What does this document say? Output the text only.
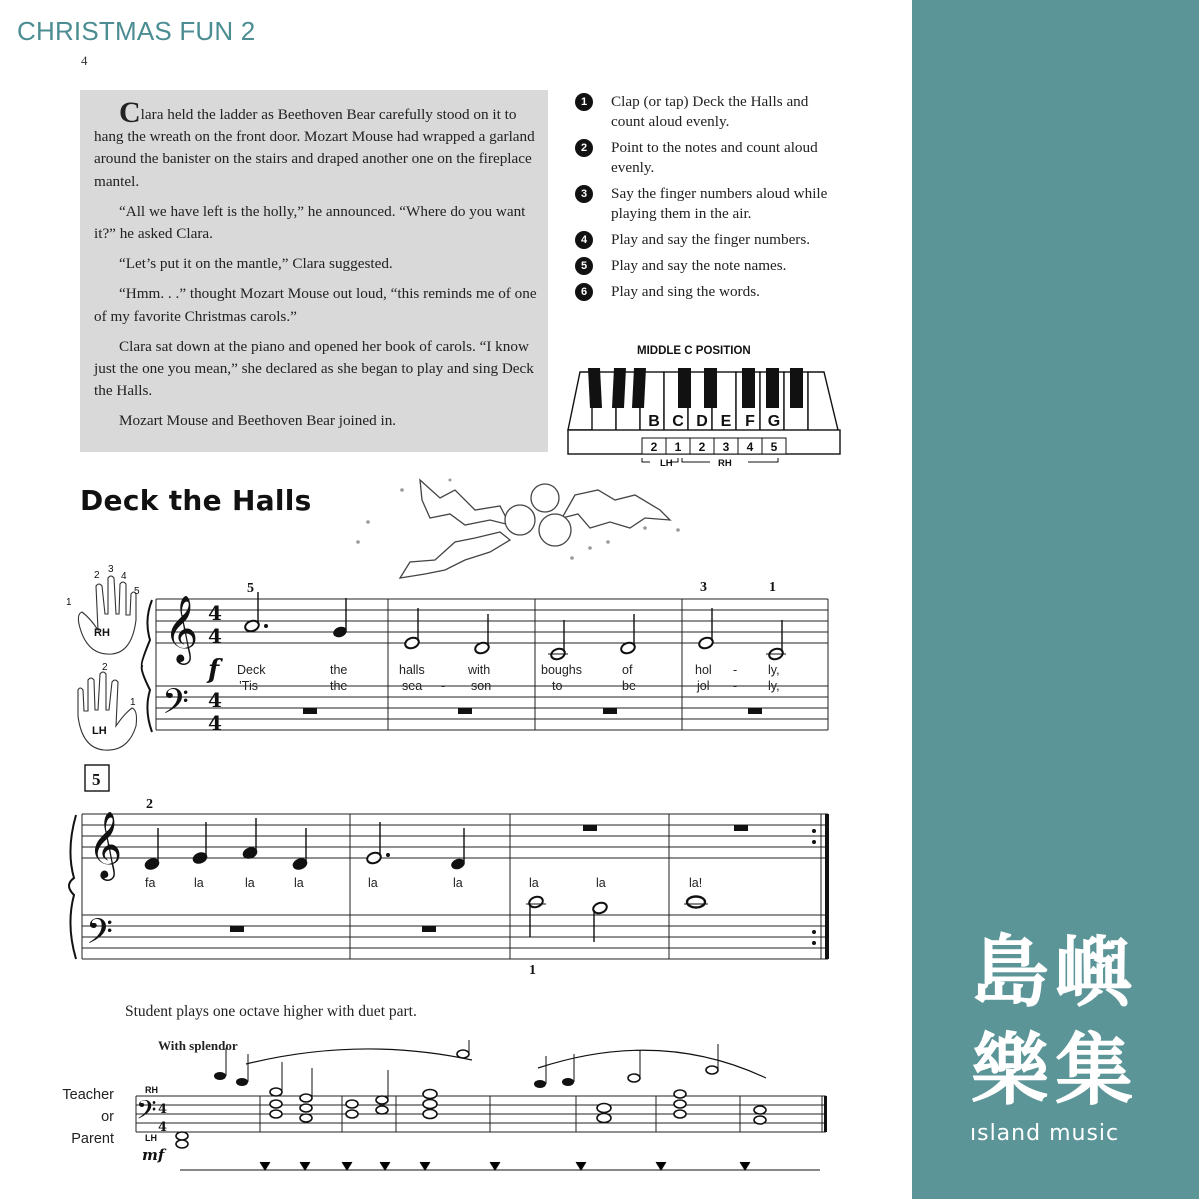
CHRISTMAS FUN 2
4

Clara held the ladder as Beethoven Bear carefully stood on it to hang the wreath on the front door. Mozart Mouse had wrapped a garland around the banister on the stairs and draped another one on the fireplace mantel.

“All we have left is the holly,” he announced. “Where do you want it?” he asked Clara.

“Let’s put it on the mantle,” Clara suggested.

“Hmm. . .” thought Mozart Mouse out loud, “this reminds me of one of my favorite Christmas carols.”

Clara sat down at the piano and opened her book of carols. “I know just the one you mean,” she declared as she began to play and sing Deck the Halls.

Mozart Mouse and Beethoven Bear joined in.

1	Clap (or tap) Deck the Halls and count aloud evenly.
2	Point to the notes and count aloud evenly.
3	Say the finger numbers aloud while playing them in the air.
4	Play and say the finger numbers.
5	Play and say the note names.
6	Play and sing the words.
MIDDLE C POSITION
B C D E F G
2 1 2 3 4 5
LH	RH
Deck the Halls
RH
1
2
3
4
5
LH
2
1
𝄞
𝄢
4
4
4
4
f
5	3	1
Deck	the	halls	with	boughs	of	hol - ly,
’Tis	the	sea - son	to	be	jol - ly,
5
𝄞
𝄢
2
1
fa	la	la	la	la	la	la	la	la!
Student plays one octave higher with duet part.
With splendor
Teacher
or
Parent
RH
LH
mf
𝄢 4
4
島嶼樂集
ısland music
